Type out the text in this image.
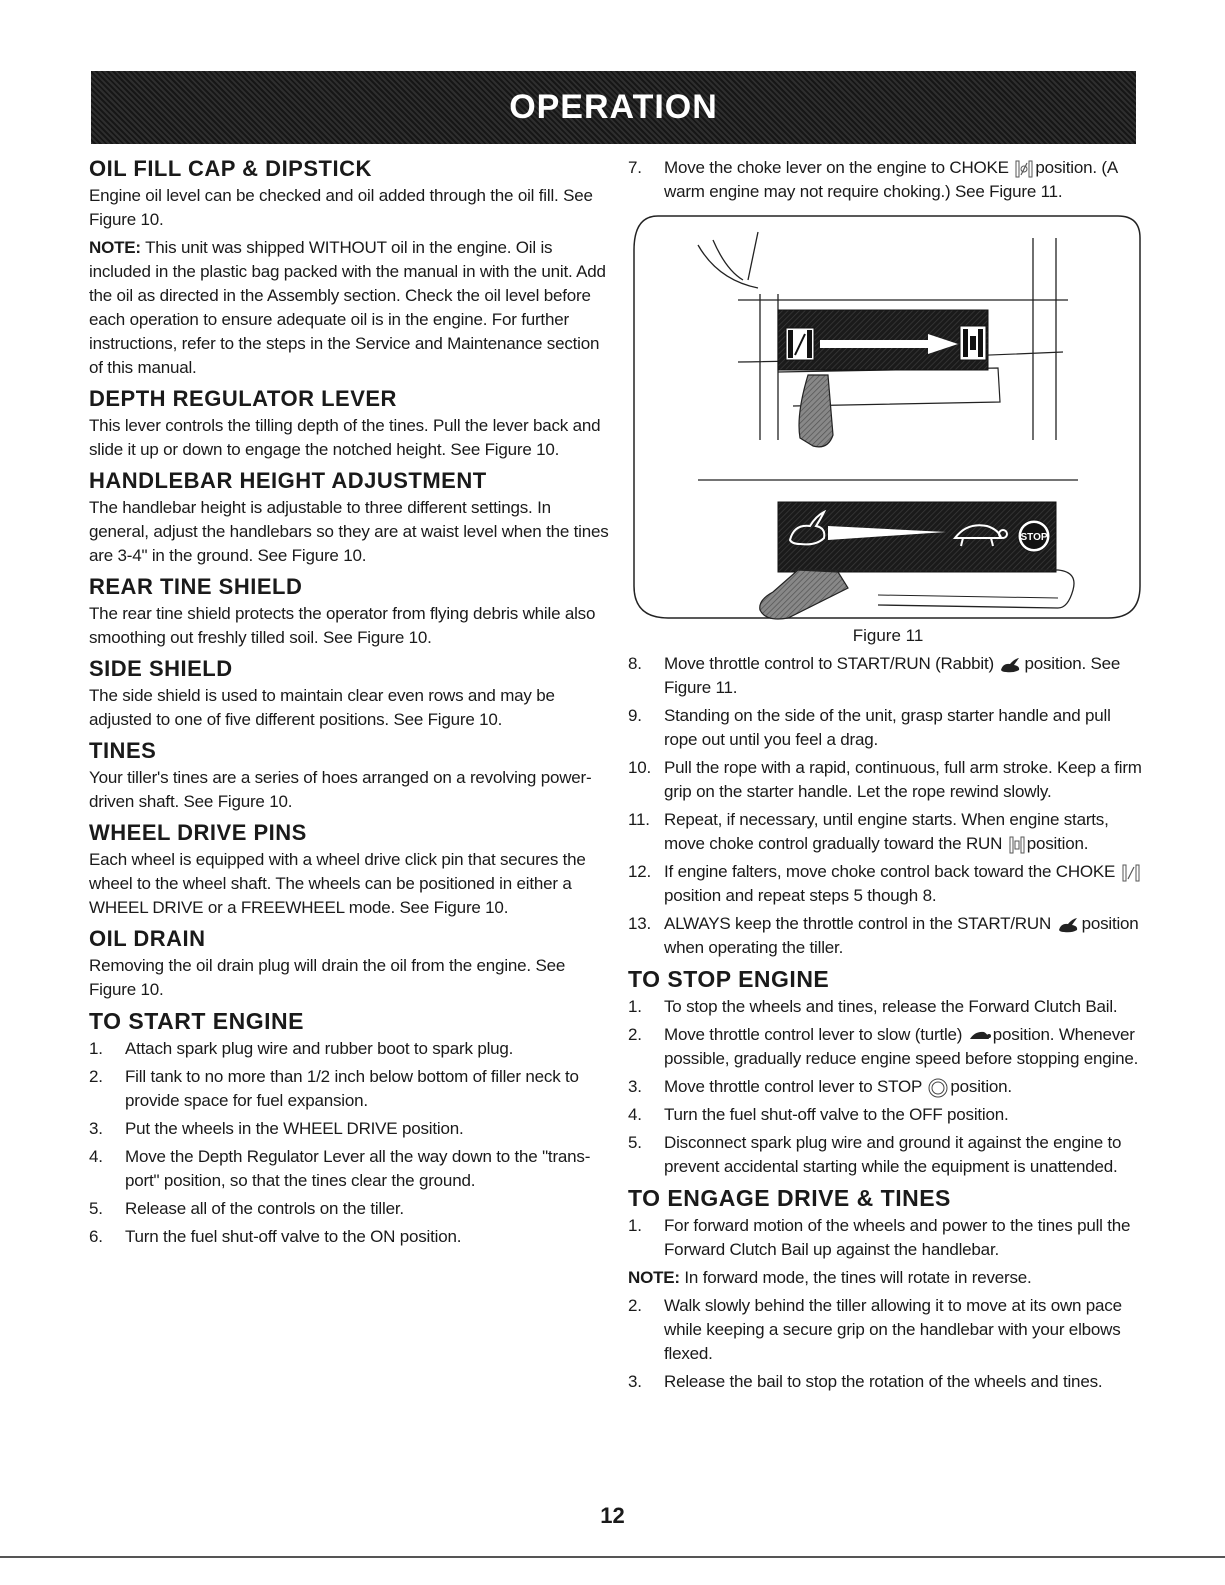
OPERATION
OIL FILL CAP & DIPSTICK

Engine oil level can be checked and oil added through the oil fill. See Figure 10.

NOTE: This unit was shipped WITHOUT oil in the engine. Oil is included in the plastic bag packed with the manual in with the unit. Add the oil as directed in the Assembly section. Check the oil level before each operation to ensure adequate oil is in the engine. For further instructions, refer to the steps in the Service and Maintenance section of this manual.

DEPTH REGULATOR LEVER

This lever controls the tilling depth of the tines. Pull the lever back and slide it up or down to engage the notched height. See Figure 10.

HANDLEBAR HEIGHT ADJUSTMENT

The handlebar height is adjustable to three different settings. In general, adjust the handlebars so they are at waist level when the tines are 3-4" in the ground. See Figure 10.

REAR TINE SHIELD

The rear tine shield protects the operator from flying debris while also smoothing out freshly tilled soil. See Figure 10.

SIDE SHIELD

The side shield is used to maintain clear even rows and may be adjusted to one of five different positions. See Figure 10.

TINES

Your tiller's tines are a series of hoes arranged on a revolving power-driven shaft. See Figure 10.

WHEEL DRIVE PINS

Each wheel is equipped with a wheel drive click pin that secures the wheel to the wheel shaft. The wheels can be positioned in either a WHEEL DRIVE or a FREEWHEEL mode. See Figure 10.

OIL DRAIN

Removing the oil drain plug will drain the oil from the engine. See Figure 10.

TO START ENGINE
1.	Attach spark plug wire and rubber boot to spark plug.
2.	Fill tank to no more than 1/2 inch below bottom of filler neck to provide space for fuel expansion.
3.	Put the wheels in the WHEEL DRIVE position.
4.	Move the Depth Regulator Lever all the way down to the "trans-port" position, so that the tines clear the ground.
5.	Release all of the controls on the tiller.
6.	Turn the fuel shut-off valve to the ON position.
7.	Move the choke lever on the engine to CHOKE position. (A warm engine may not require choking.) See Figure 11.
STOP
Figure 11
8.	Move throttle control to START/RUN (Rabbit) position. See Figure 11.
9.	Standing on the side of the unit, grasp starter handle and pull rope out until you feel a drag.
10. Pull the rope with a rapid, continuous, full arm stroke. Keep a firm grip on the starter handle. Let the rope rewind slowly.
11. Repeat, if necessary, until engine starts. When engine starts, move choke control gradually toward the RUN position.
12. If engine falters, move choke control back toward the CHOKE position and repeat steps 5 though 8.
13. ALWAYS keep the throttle control in the START/RUN position when operating the tiller.
TO STOP ENGINE
1.	To stop the wheels and tines, release the Forward Clutch Bail.
2.	Move throttle control lever to slow (turtle) position. Whenever possible, gradually reduce engine speed before stopping engine.
3.	Move throttle control lever to STOP position.
4.	Turn the fuel shut-off valve to the OFF position.
5.	Disconnect spark plug wire and ground it against the engine to prevent accidental starting while the equipment is unattended.
TO ENGAGE DRIVE & TINES
1.	For forward motion of the wheels and power to the tines pull the Forward Clutch Bail up against the handlebar.

NOTE: In forward mode, the tines will rotate in reverse.

2.	Walk slowly behind the tiller allowing it to move at its own pace while keeping a secure grip on the handlebar with your elbows flexed.
3.	Release the bail to stop the rotation of the wheels and tines.
12
